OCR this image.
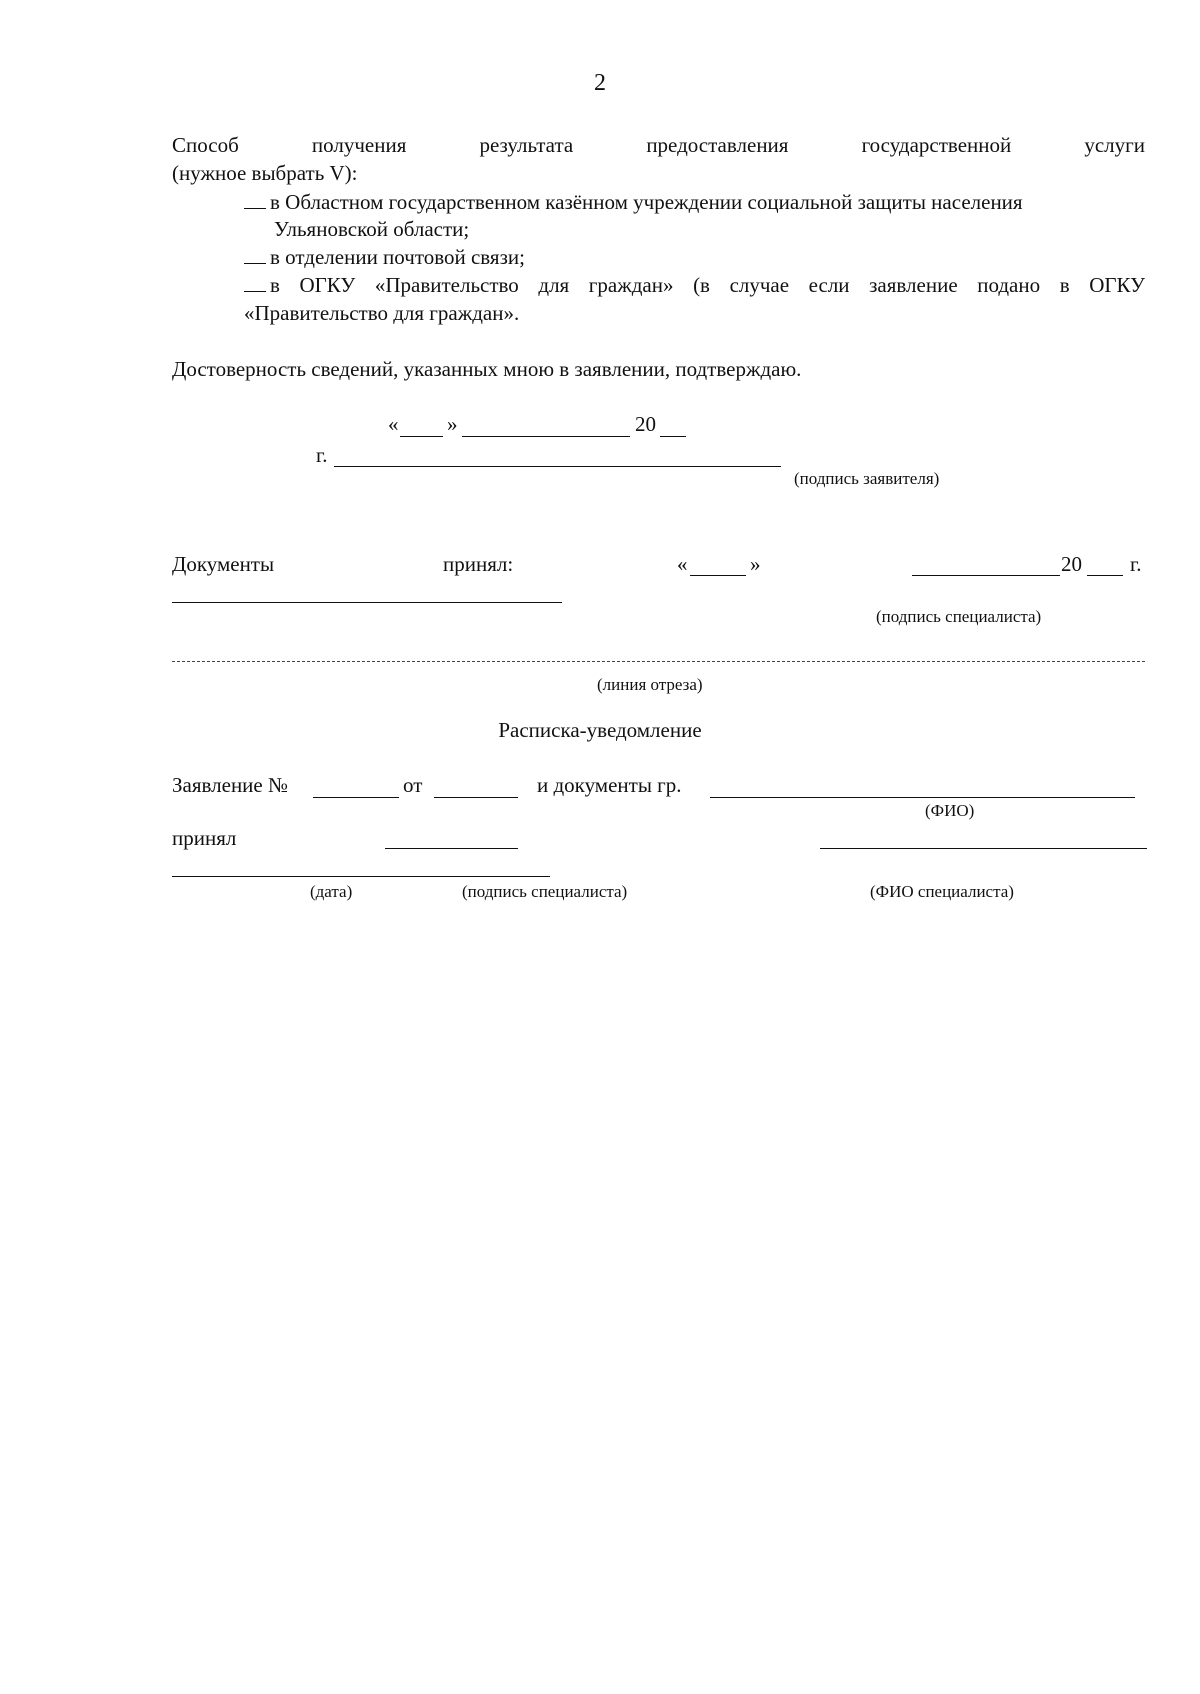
2
Способ	получения	результата	предоставления	государственной	услуги
(нужное выбрать V):
в Областном государственном казённом учреждении социальной защиты населения
Ульяновской области;
в отделении почтовой связи;
в ОГКУ «Правительство для граждан» (в случае если заявление подано в ОГКУ
«Правительство для граждан».
Достоверность сведений, указанных мною в заявлении, подтверждаю.
« »	20
г.
(подпись заявителя)
Документы	принял:	«	»	20 г.
(подпись специалиста)
(линия отреза)
Расписка-уведомление
Заявление №	от	и документы гр.
(ФИО)
принял
(дата)	(подпись специалиста)	(ФИО специалиста)
